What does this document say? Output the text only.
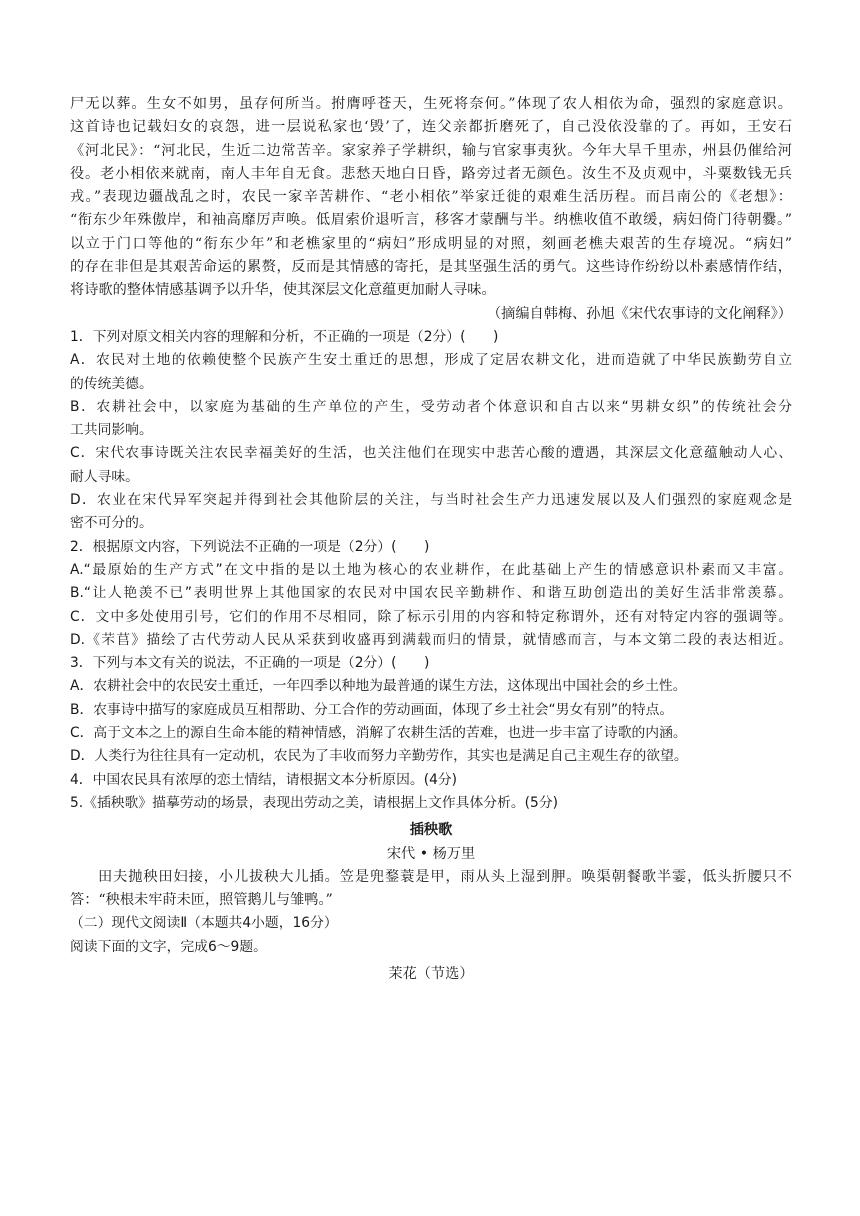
尸无以葬。生女不如男，虽存何所当。拊膺呼苍天，生死将奈何。”体现了农人相依为命，强烈的家庭意识。
这首诗也记载妇女的哀怨，进一层说私家也‘毁’了，连父亲都折磨死了，自己没依没靠的了。再如，王安石
《河北民》：“河北民，生近二边常苦辛。家家养子学耕织，输与官家事夷狄。今年大旱千里赤，州县仍催给河
役。老小相依来就南，南人丰年自无食。悲愁天地白日昏，路旁过者无颜色。汝生不及贞观中，斗粟数钱无兵
戎。”表现边疆战乱之时，农民一家辛苦耕作、“老小相依”举家迁徙的艰难生活历程。而吕南公的《老想》：
“衔东少年殊傲岸，和袖高靡厉声唤。低眉索价退听言，移客才蒙酬与半。纳樵收值不敢缓，病妇倚门待朝爨。”
以立于门口等他的“衔东少年”和老樵家里的“病妇”形成明显的对照，刻画老樵夫艰苦的生存境况。“病妇”
的存在非但是其艰苦命运的累赘，反而是其情感的寄托，是其坚强生活的勇气。这些诗作纷纷以朴素感情作结，
将诗歌的整体情感基调予以升华，使其深层文化意蕴更加耐人寻味。
（摘编自韩梅、孙旭《宋代农事诗的文化阐释》）
1．下列对原文相关内容的理解和分析，不正确的一项是（2分）(　　)
A．农民对土地的依赖使整个民族产生安土重迁的思想，形成了定居农耕文化，进而造就了中华民族勤劳自立
的传统美德。
B．农耕社会中，以家庭为基础的生产单位的产生，受劳动者个体意识和自古以来“男耕女织”的传统社会分
工共同影响。
C．宋代农事诗既关注农民幸福美好的生活，也关注他们在现实中悲苦心酸的遭遇，其深层文化意蕴触动人心、
耐人寻味。
D．农业在宋代异军突起并得到社会其他阶层的关注，与当时社会生产力迅速发展以及人们强烈的家庭观念是
密不可分的。
2．根据原文内容，下列说法不正确的一项是（2分）(　　)
A.“最原始的生产方式”在文中指的是以土地为核心的农业耕作，在此基础上产生的情感意识朴素而又丰富。
B.“让人艳羡不已”表明世界上其他国家的农民对中国农民辛勤耕作、和谐互助创造出的美好生活非常羡慕。
C．文中多处使用引号，它们的作用不尽相同，除了标示引用的内容和特定称谓外，还有对特定内容的强调等。
D.《芣苢》描绘了古代劳动人民从采获到收盛再到满载而归的情景，就情感而言，与本文第二段的表达相近。
3．下列与本文有关的说法，不正确的一项是（2分）(　　)
A．农耕社会中的农民安土重迁，一年四季以种地为最普通的谋生方法，这体现出中国社会的乡土性。
B．农事诗中描写的家庭成员互相帮助、分工合作的劳动画面，体现了乡土社会“男女有别”的特点。
C．高于文本之上的源自生命本能的精神情感，消解了农耕生活的苦难，也进一步丰富了诗歌的内涵。
D．人类行为往往具有一定动机，农民为了丰收而努力辛勤劳作，其实也是满足自己主观生存的欲望。
4．中国农民具有浓厚的恋土情结，请根据文本分析原因。(4分)
5.《插秧歌》描摹劳动的场景，表现出劳动之美，请根据上文作具体分析。(5分)
插秧歌
宋代 • 杨万里
田夫抛秧田妇接，小儿拔秧大儿插。笠是兜鍪蓑是甲，雨从头上湿到胛。唤渠朝餐歌半霎，低头折腰只不
答：“秧根未牢莳未匝，照管鹅儿与雏鸭。”
（二）现代文阅读Ⅱ（本题共4小题，16分）
阅读下面的文字，完成6～9题。
茉花（节选）
